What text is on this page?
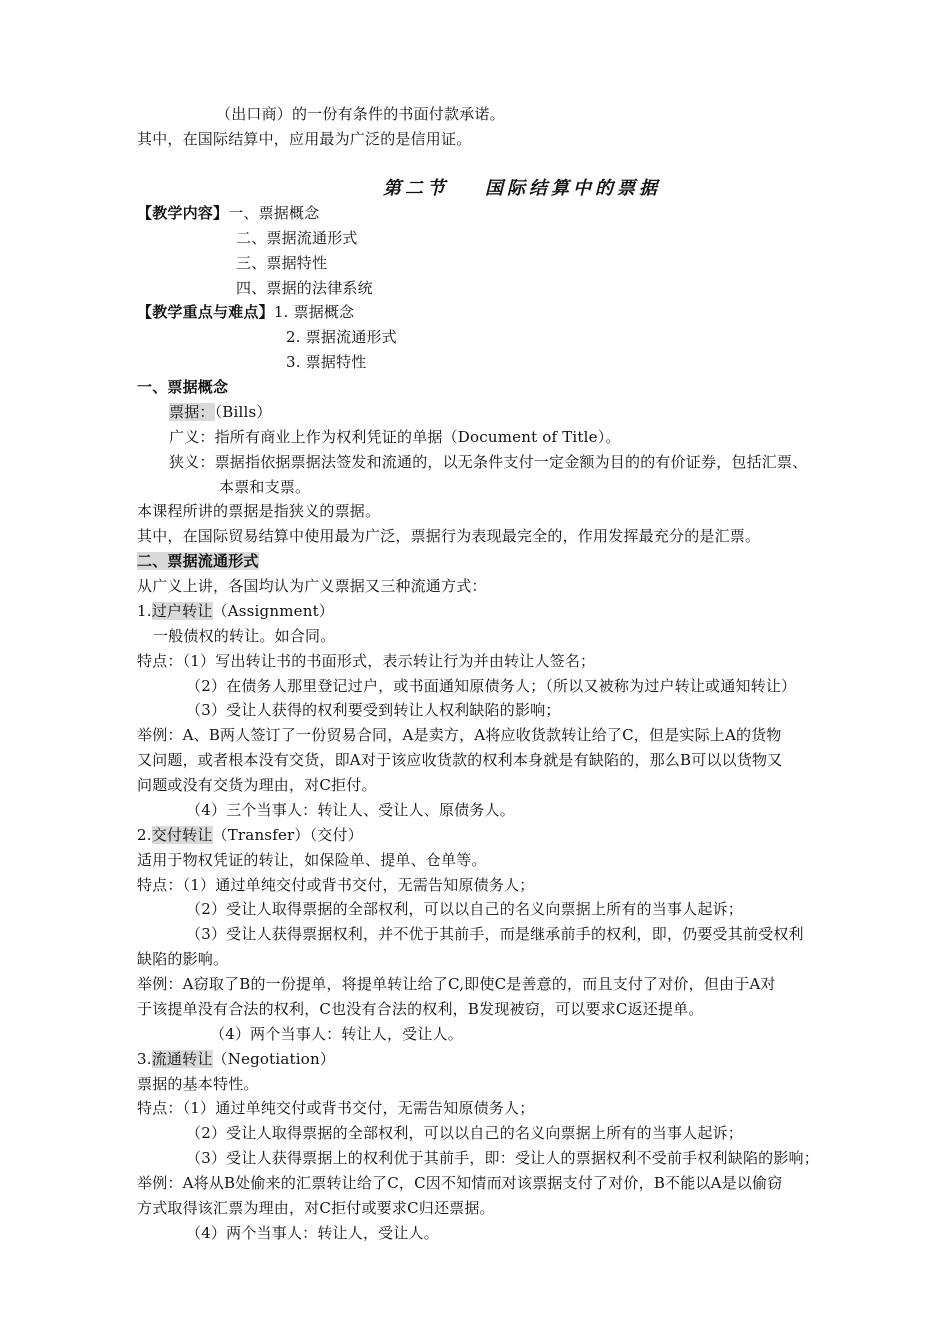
（出口商）的一份有条件的书面付款承诺。
其中，在国际结算中，应用最为广泛的是信用证。
第二节 国际结算中的票据
【教学内容】一、票据概念
二、票据流通形式
三、票据特性
四、票据的法律系统
【教学重点与难点】1. 票据概念
2. 票据流通形式
3. 票据特性
一、票据概念
票据：（Bills）
广义：指所有商业上作为权利凭证的单据（Document of Title）。
狭义：票据指依据票据法签发和流通的，以无条件支付一定金额为目的的有价证券，包括汇票、
本票和支票。
本课程所讲的票据是指狭义的票据。
其中，在国际贸易结算中使用最为广泛，票据行为表现最完全的，作用发挥最充分的是汇票。
二、票据流通形式
从广义上讲，各国均认为广义票据又三种流通方式：
1.过户转让（Assignment）
一般债权的转让。如合同。
特点：（1）写出转让书的书面形式，表示转让行为并由转让人签名；
（2）在债务人那里登记过户，或书面通知原债务人；（所以又被称为过户转让或通知转让）
（3）受让人获得的权利要受到转让人权利缺陷的影响；
举例：A、B两人签订了一份贸易合同，A是卖方，A将应收货款转让给了C，但是实际上A的货物
又问题，或者根本没有交货，即A对于该应收货款的权利本身就是有缺陷的，那么B可以以货物又
问题或没有交货为理由，对C拒付。
（4）三个当事人：转让人、受让人、原债务人。
2.交付转让（Transfer）（交付）
适用于物权凭证的转让，如保险单、提单、仓单等。
特点：（1）通过单纯交付或背书交付，无需告知原债务人；
（2）受让人取得票据的全部权利，可以以自己的名义向票据上所有的当事人起诉；
（3）受让人获得票据权利，并不优于其前手，而是继承前手的权利，即，仍要受其前受权利
缺陷的影响。
举例：A窃取了B的一份提单，将提单转让给了C,即使C是善意的，而且支付了对价，但由于A对
于该提单没有合法的权利，C也没有合法的权利，B发现被窃，可以要求C返还提单。
（4）两个当事人：转让人，受让人。
3.流通转让（Negotiation）
票据的基本特性。
特点：（1）通过单纯交付或背书交付，无需告知原债务人；
（2）受让人取得票据的全部权利，可以以自己的名义向票据上所有的当事人起诉；
（3）受让人获得票据上的权利优于其前手，即：受让人的票据权利不受前手权利缺陷的影响；
举例：A将从B处偷来的汇票转让给了C，C因不知情而对该票据支付了对价，B不能以A是以偷窃
方式取得该汇票为理由，对C拒付或要求C归还票据。
（4）两个当事人：转让人，受让人。
